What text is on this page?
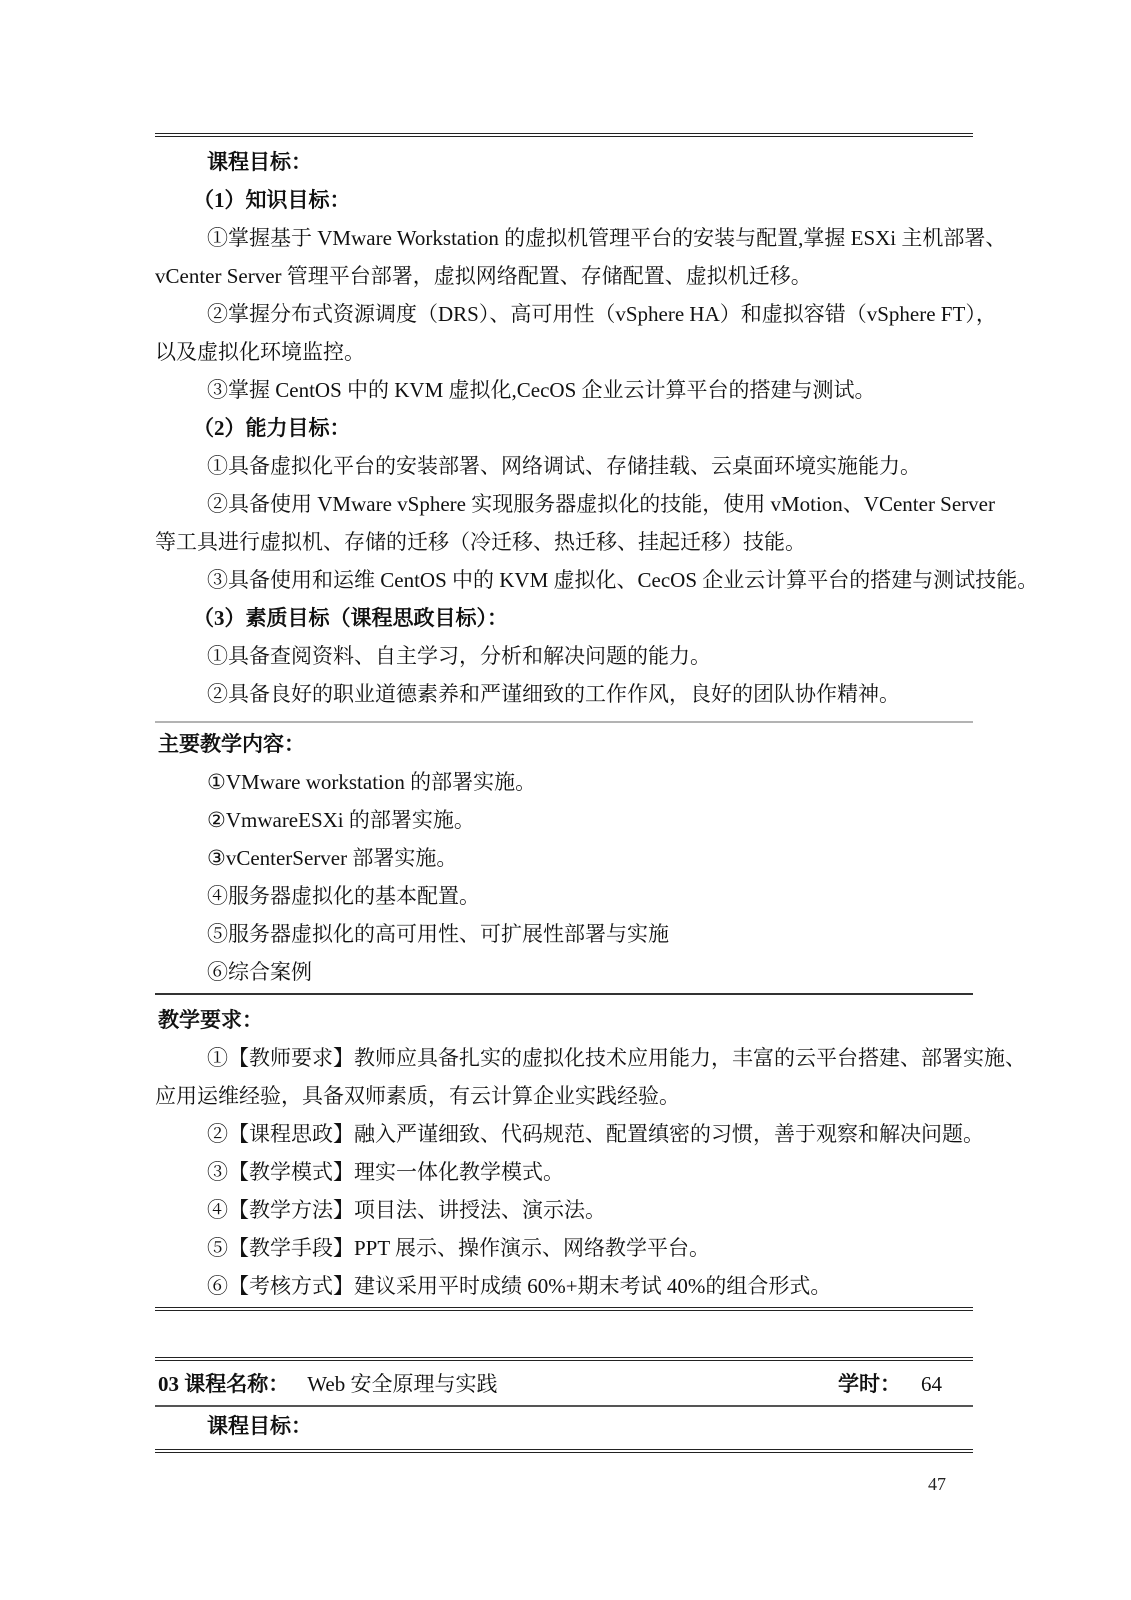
课程目标：
（1）知识目标：
①掌握基于 VMware Workstation 的虚拟机管理平台的安装与配置,掌握 ESXi 主机部署、
vCenter Server 管理平台部署，虚拟网络配置、存储配置、虚拟机迁移。
②掌握分布式资源调度（DRS）、高可用性（vSphere HA）和虚拟容错（vSphere FT），
以及虚拟化环境监控。
③掌握 CentOS 中的 KVM 虚拟化,CecOS 企业云计算平台的搭建与测试。
（2）能力目标：
①具备虚拟化平台的安装部署、网络调试、存储挂载、云桌面环境实施能力。
②具备使用 VMware vSphere 实现服务器虚拟化的技能，使用 vMotion、VCenter Server
等工具进行虚拟机、存储的迁移（冷迁移、热迁移、挂起迁移）技能。
③具备使用和运维 CentOS 中的 KVM 虚拟化、CecOS 企业云计算平台的搭建与测试技能。
（3）素质目标（课程思政目标）：
①具备查阅资料、自主学习，分析和解决问题的能力。
②具备良好的职业道德素养和严谨细致的工作作风，良好的团队协作精神。
主要教学内容：
①VMware workstation 的部署实施。
②VmwareESXi 的部署实施。
③vCenterServer 部署实施。
④服务器虚拟化的基本配置。
⑤服务器虚拟化的高可用性、可扩展性部署与实施
⑥综合案例
教学要求：
①【教师要求】教师应具备扎实的虚拟化技术应用能力，丰富的云平台搭建、部署实施、
应用运维经验，具备双师素质，有云计算企业实践经验。
②【课程思政】融入严谨细致、代码规范、配置缜密的习惯，善于观察和解决问题。
③【教学模式】理实一体化教学模式。
④【教学方法】项目法、讲授法、演示法。
⑤【教学手段】PPT 展示、操作演示、网络教学平台。
⑥【考核方式】建议采用平时成绩 60%+期末考试 40%的组合形式。
03
课程名称： Web 安全原理与实践	学时： 64
课程目标：
47
